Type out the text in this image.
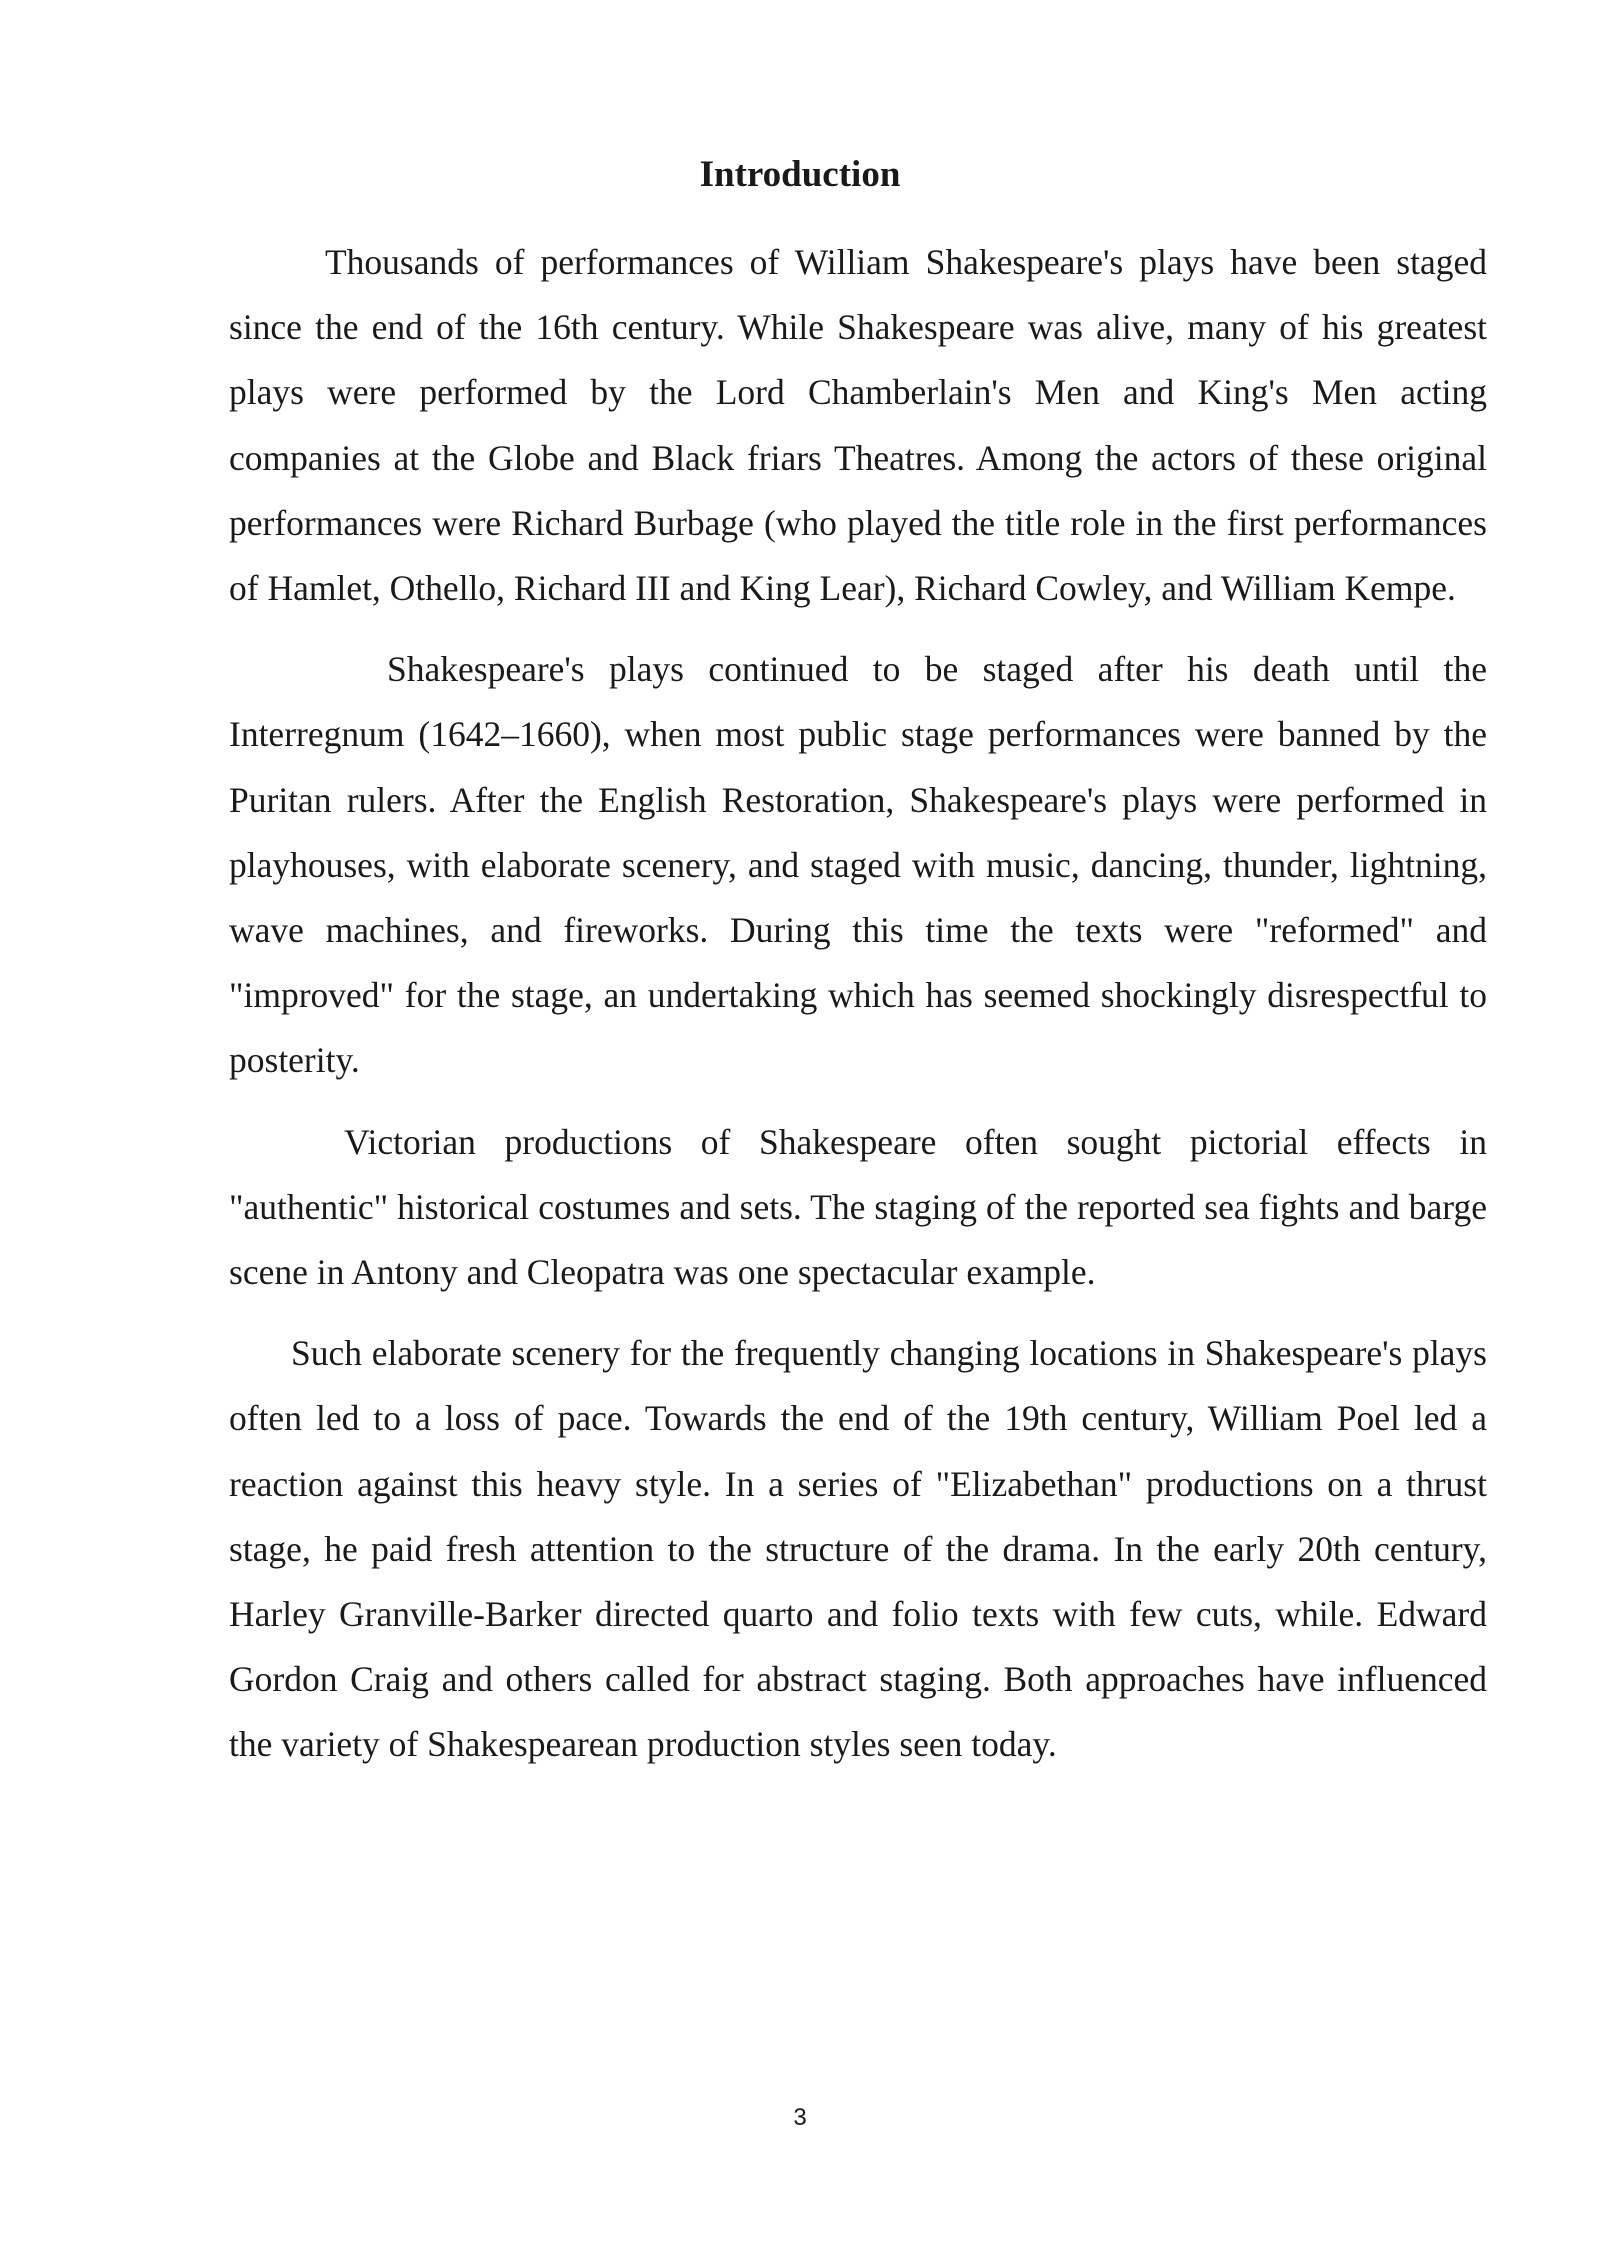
Introduction

Thousands of performances of William Shakespeare's plays have been staged since the end of the 16th century. While Shakespeare was alive, many of his greatest plays were performed by the Lord Chamberlain's Men and King's Men acting companies at the Globe and Black friars Theatres. Among the actors of these original performances were Richard Burbage (who played the title role in the first performances of Hamlet, Othello, Richard III and King Lear), Richard Cowley, and William Kempe.

Shakespeare's plays continued to be staged after his death until the Interregnum (1642–1660), when most public stage performances were banned by the Puritan rulers. After the English Restoration, Shakespeare's plays were performed in playhouses, with elaborate scenery, and staged with music, dancing, thunder, lightning, wave machines, and fireworks. During this time the texts were "reformed" and "improved" for the stage, an undertaking which has seemed shockingly disrespectful to posterity.

Victorian productions of Shakespeare often sought pictorial effects in "authentic" historical costumes and sets. The staging of the reported sea fights and barge scene in Antony and Cleopatra was one spectacular example.

Such elaborate scenery for the frequently changing locations in Shakespeare's plays often led to a loss of pace. Towards the end of the 19th century, William Poel led a reaction against this heavy style. In a series of "Elizabethan" productions on a thrust stage, he paid fresh attention to the structure of the drama. In the early 20th century, Harley Granville-Barker directed quarto and folio texts with few cuts, while. Edward Gordon Craig and others called for abstract staging. Both approaches have influenced the variety of Shakespearean production styles seen today.

3
